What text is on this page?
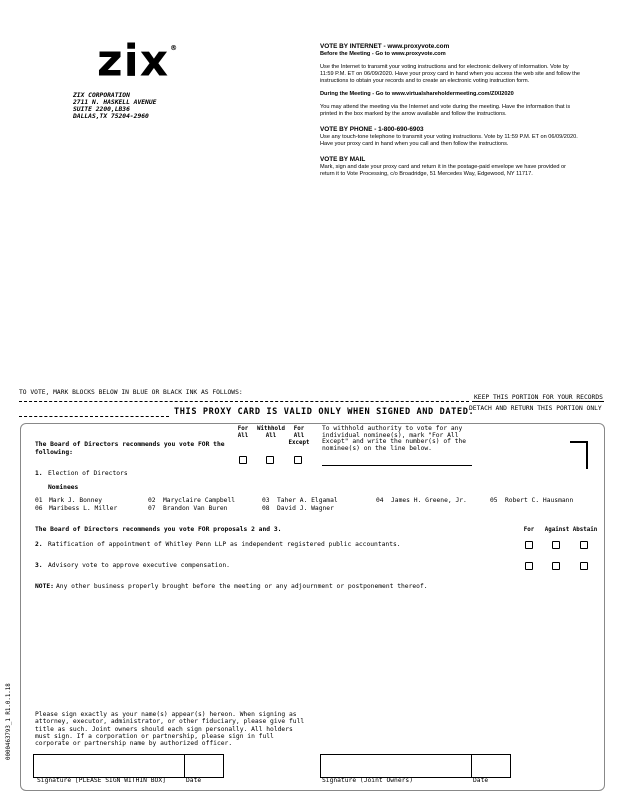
zix®
ZIX CORPORATION
2711 N. HASKELL AVENUE
SUITE 2200,LB36
DALLAS,TX 75204-2960
VOTE BY INTERNET - www.proxyvote.com

Before the Meeting - Go to www.proxyvote.com

Use the Internet to transmit your voting instructions and for electronic delivery of information. Vote by 11:59 P.M. ET on 06/09/2020. Have your proxy card in hand when you access the web site and follow the instructions to obtain your records and to create an electronic voting instruction form.

During the Meeting - Go to www.virtualshareholdermeeting.com/ZIXI2020

You may attend the meeting via the Internet and vote during the meeting. Have the information that is printed in the box marked by the arrow available and follow the instructions.

VOTE BY PHONE - 1-800-690-6903

Use any touch-tone telephone to transmit your voting instructions. Vote by 11:59 P.M. ET on 06/09/2020. Have your proxy card in hand when you call and then follow the instructions.

VOTE BY MAIL

Mark, sign and date your proxy card and return it in the postage-paid envelope we have provided or return it to Vote Processing, c/o Broadridge, 51 Mercedes Way, Edgewood, NY 11717.

TO VOTE, MARK BLOCKS BELOW IN BLUE OR BLACK INK AS FOLLOWS:
KEEP THIS PORTION FOR YOUR RECORDS
THIS PROXY CARD IS VALID ONLY WHEN SIGNED AND DATED.
DETACH AND RETURN THIS PORTION ONLY
The Board of Directors recommends you vote FOR the following:
For All
Withhold All
For All Except
To withhold authority to vote for any individual nominee(s), mark "For All Except" and write the number(s) of the nominee(s) on the line below.
1. Election of Directors
Nominees
01 Mark J. Bonney	02 Maryclaire Campbell	03 Taher A. Elgamal	04 James H. Greene, Jr.	05 Robert C. Hausmann
06 Maribess L. Miller	07 Brandon Van Buren	08 David J. Wagner
The Board of Directors recommends you vote FOR proposals 2 and 3.	For	Against Abstain
2. Ratification of appointment of Whitley Penn LLP as independent registered public accountants.
3. Advisory vote to approve executive compensation.
NOTE: Any other business properly brought before the meeting or any adjournment or postponement thereof.
0000463793_1 R1.0.1.18	Please sign exactly as your name(s) appear(s) hereon. When signing as attorney, executor, administrator, or other fiduciary, please give full title as such. Joint owners should each sign personally. All holders must sign. If a corporation or partnership, please sign in full corporate or partnership name by authorized officer.
Signature [PLEASE SIGN WITHIN BOX]	Date	Signature (Joint Owners)	Date
